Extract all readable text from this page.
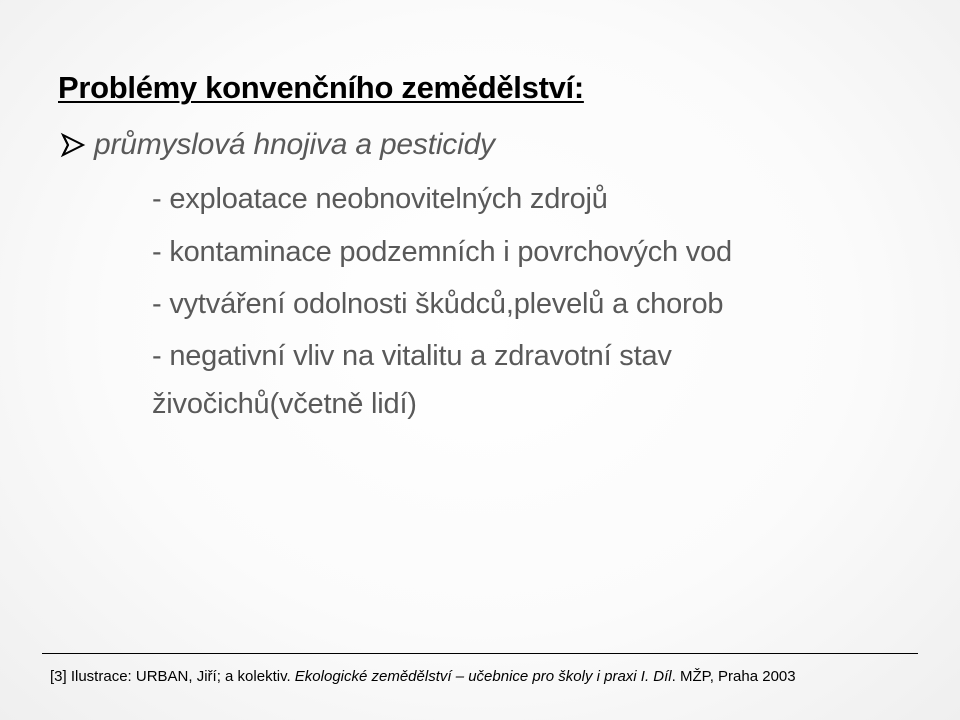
Problémy konvenčního zemědělství:
průmyslová hnojiva a pesticidy
- exploatace neobnovitelných zdrojů
- kontaminace podzemních i povrchových vod
- vytváření odolnosti škůdců,plevelů a chorob
- negativní vliv na vitalitu a zdravotní stav
živočichů(včetně lidí)
[3] Ilustrace: URBAN, Jiří; a kolektiv. Ekologické zemědělství – učebnice pro školy i praxi I. Díl. MŽP, Praha 2003
